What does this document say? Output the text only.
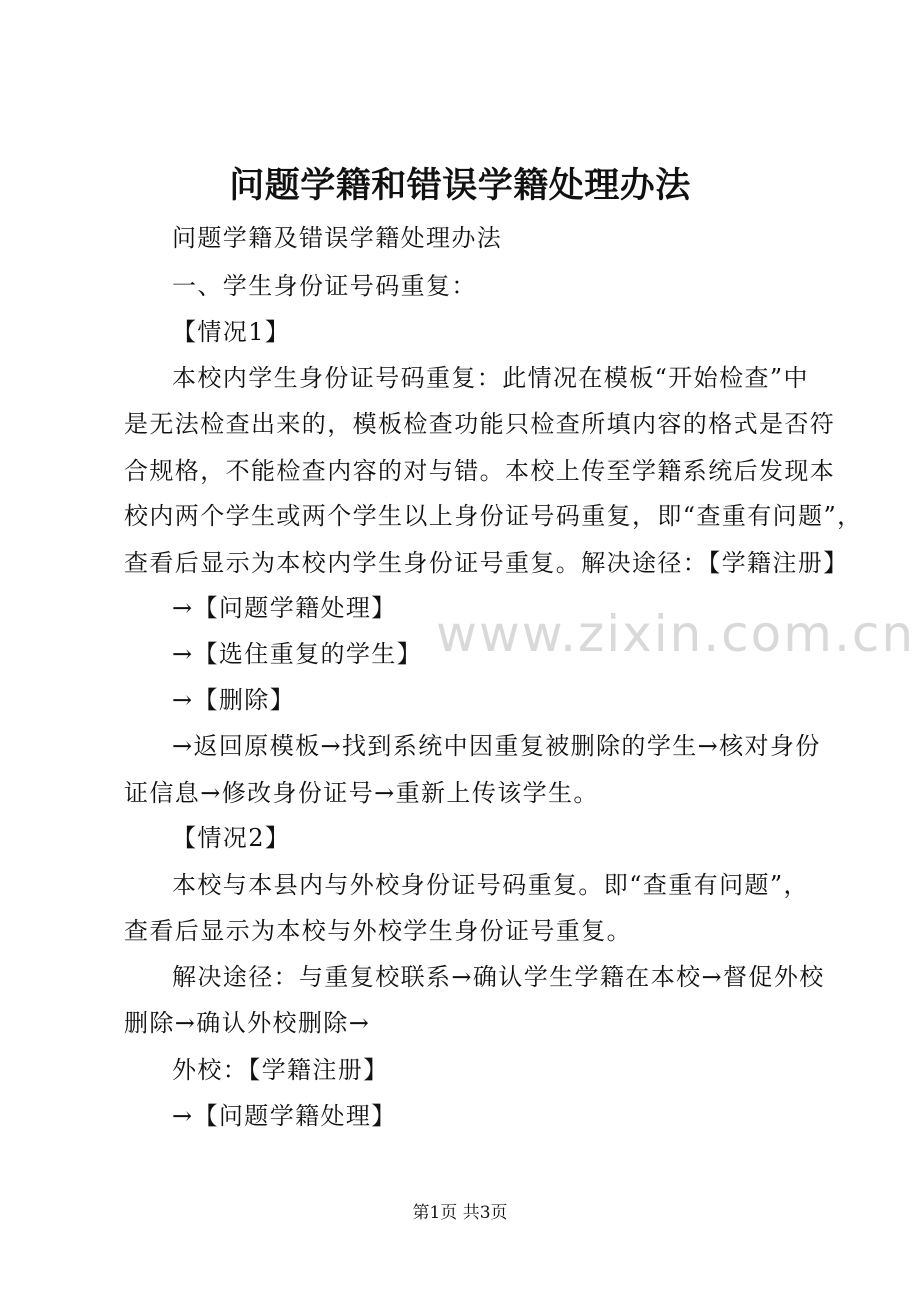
问题学籍和错误学籍处理办法
问题学籍及错误学籍处理办法
一、学生身份证号码重复：
【情况1】
本校内学生身份证号码重复：此情况在模板“开始检查”中
是无法检查出来的，模板检查功能只检查所填内容的格式是否符
合规格，不能检查内容的对与错。本校上传至学籍系统后发现本
校内两个学生或两个学生以上身份证号码重复，即“查重有问题”，
查看后显示为本校内学生身份证号重复。解决途径：【学籍注册】
→【问题学籍处理】
→【选住重复的学生】
→【删除】
→返回原模板→找到系统中因重复被删除的学生→核对身份
证信息→修改身份证号→重新上传该学生。
【情况2】
本校与本县内与外校身份证号码重复。即“查重有问题”，
查看后显示为本校与外校学生身份证号重复。
解决途径：与重复校联系→确认学生学籍在本校→督促外校
删除→确认外校删除→
外校：【学籍注册】
→【问题学籍处理】
www.zixin.com.cn
第1页 共3页
